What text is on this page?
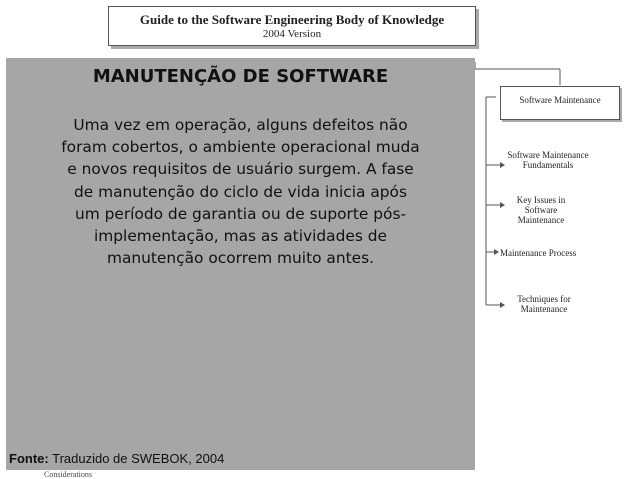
Guide to the Software Engineering Body of Knowledge
2004 Version
Software Maintenance
Software Maintenance Fundamentals
Key Issues in Software Maintenance
Maintenance Process
Techniques for Maintenance
Considerations
MANUTENÇÃO DE SOFTWARE
Uma vez em operação, alguns defeitos não
foram cobertos, o ambiente operacional muda
e novos requisitos de usuário surgem. A fase
de manutenção do ciclo de vida inicia após
um período de garantia ou de suporte pós-
implementação, mas as atividades de
manutenção ocorrem muito antes.
Fonte: Traduzido de SWEBOK, 2004
